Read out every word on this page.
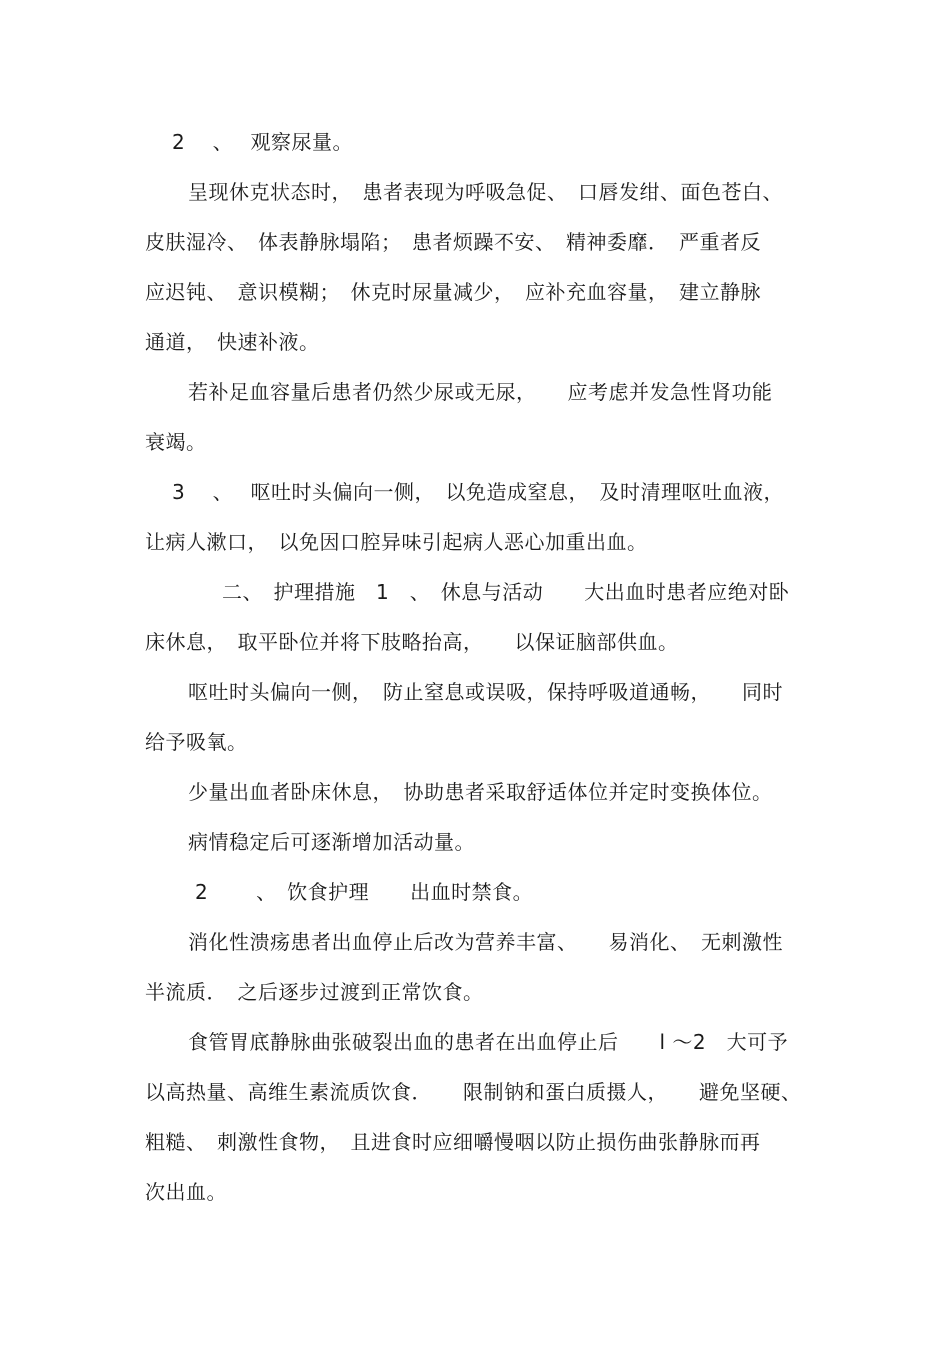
2　 、　 观察尿量。
呈现休克状态时，　患者表现为呼吸急促、　口唇发绀、面色苍白、
皮肤湿冷、　体表静脉塌陷；　患者烦躁不安、　精神委靡．　严重者反
应迟钝、　意识模糊；　休克时尿量减少，　应补充血容量，　建立静脉
通道，　快速补液。
若补足血容量后患者仍然少尿或无尿，　　应考虑并发急性肾功能
衰竭。
3　 、　 呕吐时头偏向一侧，　以免造成窒息，　及时清理呕吐血液，
让病人漱口，　以免因口腔异味引起病人恶心加重出血。
二、　护理措施　1　、　休息与活动　　大出血时患者应绝对卧
床休息，　取平卧位并将下肢略抬高，　　以保证脑部供血。
呕吐时头偏向一侧，　防止窒息或误吸，保持呼吸道通畅，　　同时
给予吸氧。
少量出血者卧床休息，　协助患者采取舒适体位并定时变换体位。
病情稳定后可逐渐增加活动量。
2　　 、　饮食护理　　出血时禁食。
消化性溃疡患者出血停止后改为营养丰富、　　易消化、　无刺激性
半流质．　之后逐步过渡到正常饮食。
食管胃底静脉曲张破裂出血的患者在出血停止后　　l ～2　大可予
以高热量、高维生素流质饮食．　　限制钠和蛋白质摄人，　　避免坚硬、
粗糙、　刺激性食物，　且进食时应细嚼慢咽以防止损伤曲张静脉而再
次出血。
